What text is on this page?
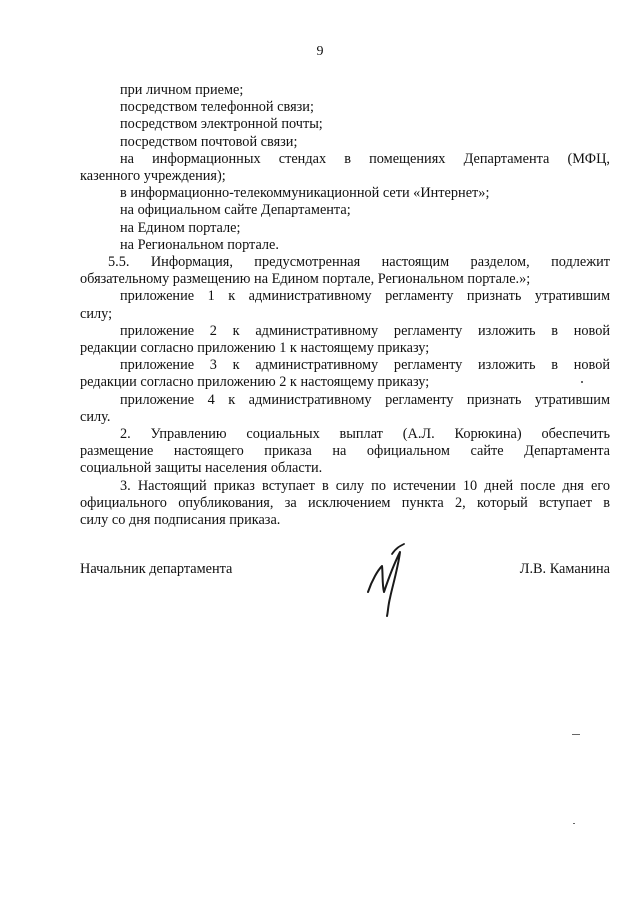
9
при личном приеме;
посредством телефонной связи;
посредством электронной почты;
посредством почтовой связи;
на информационных стендах в помещениях Департамента (МФЦ,
казенного учреждения);
в информационно-телекоммуникационной сети «Интернет»;
на официальном сайте Департамента;
на Едином портале;
на Региональном портале.
5.5. Информация, предусмотренная настоящим разделом, подлежит
обязательному размещению на Едином портале, Региональном портале.»;
приложение 1 к административному регламенту признать утратившим
силу;
приложение 2 к административному регламенту изложить в новой
редакции согласно приложению 1 к настоящему приказу;
приложение 3 к административному регламенту изложить в новой
редакции согласно приложению 2 к настоящему приказу;
приложение 4 к административному регламенту признать утратившим
силу.
2. Управлению социальных выплат (А.Л. Корюкина) обеспечить
размещение настоящего приказа на официальном сайте Департамента
социальной защиты населения области.
3. Настоящий приказ вступает в силу по истечении 10 дней после дня его
официального опубликования, за исключением пункта 2, который вступает в
силу со дня подписания приказа.
Начальник департамента	Л.В. Каманина
